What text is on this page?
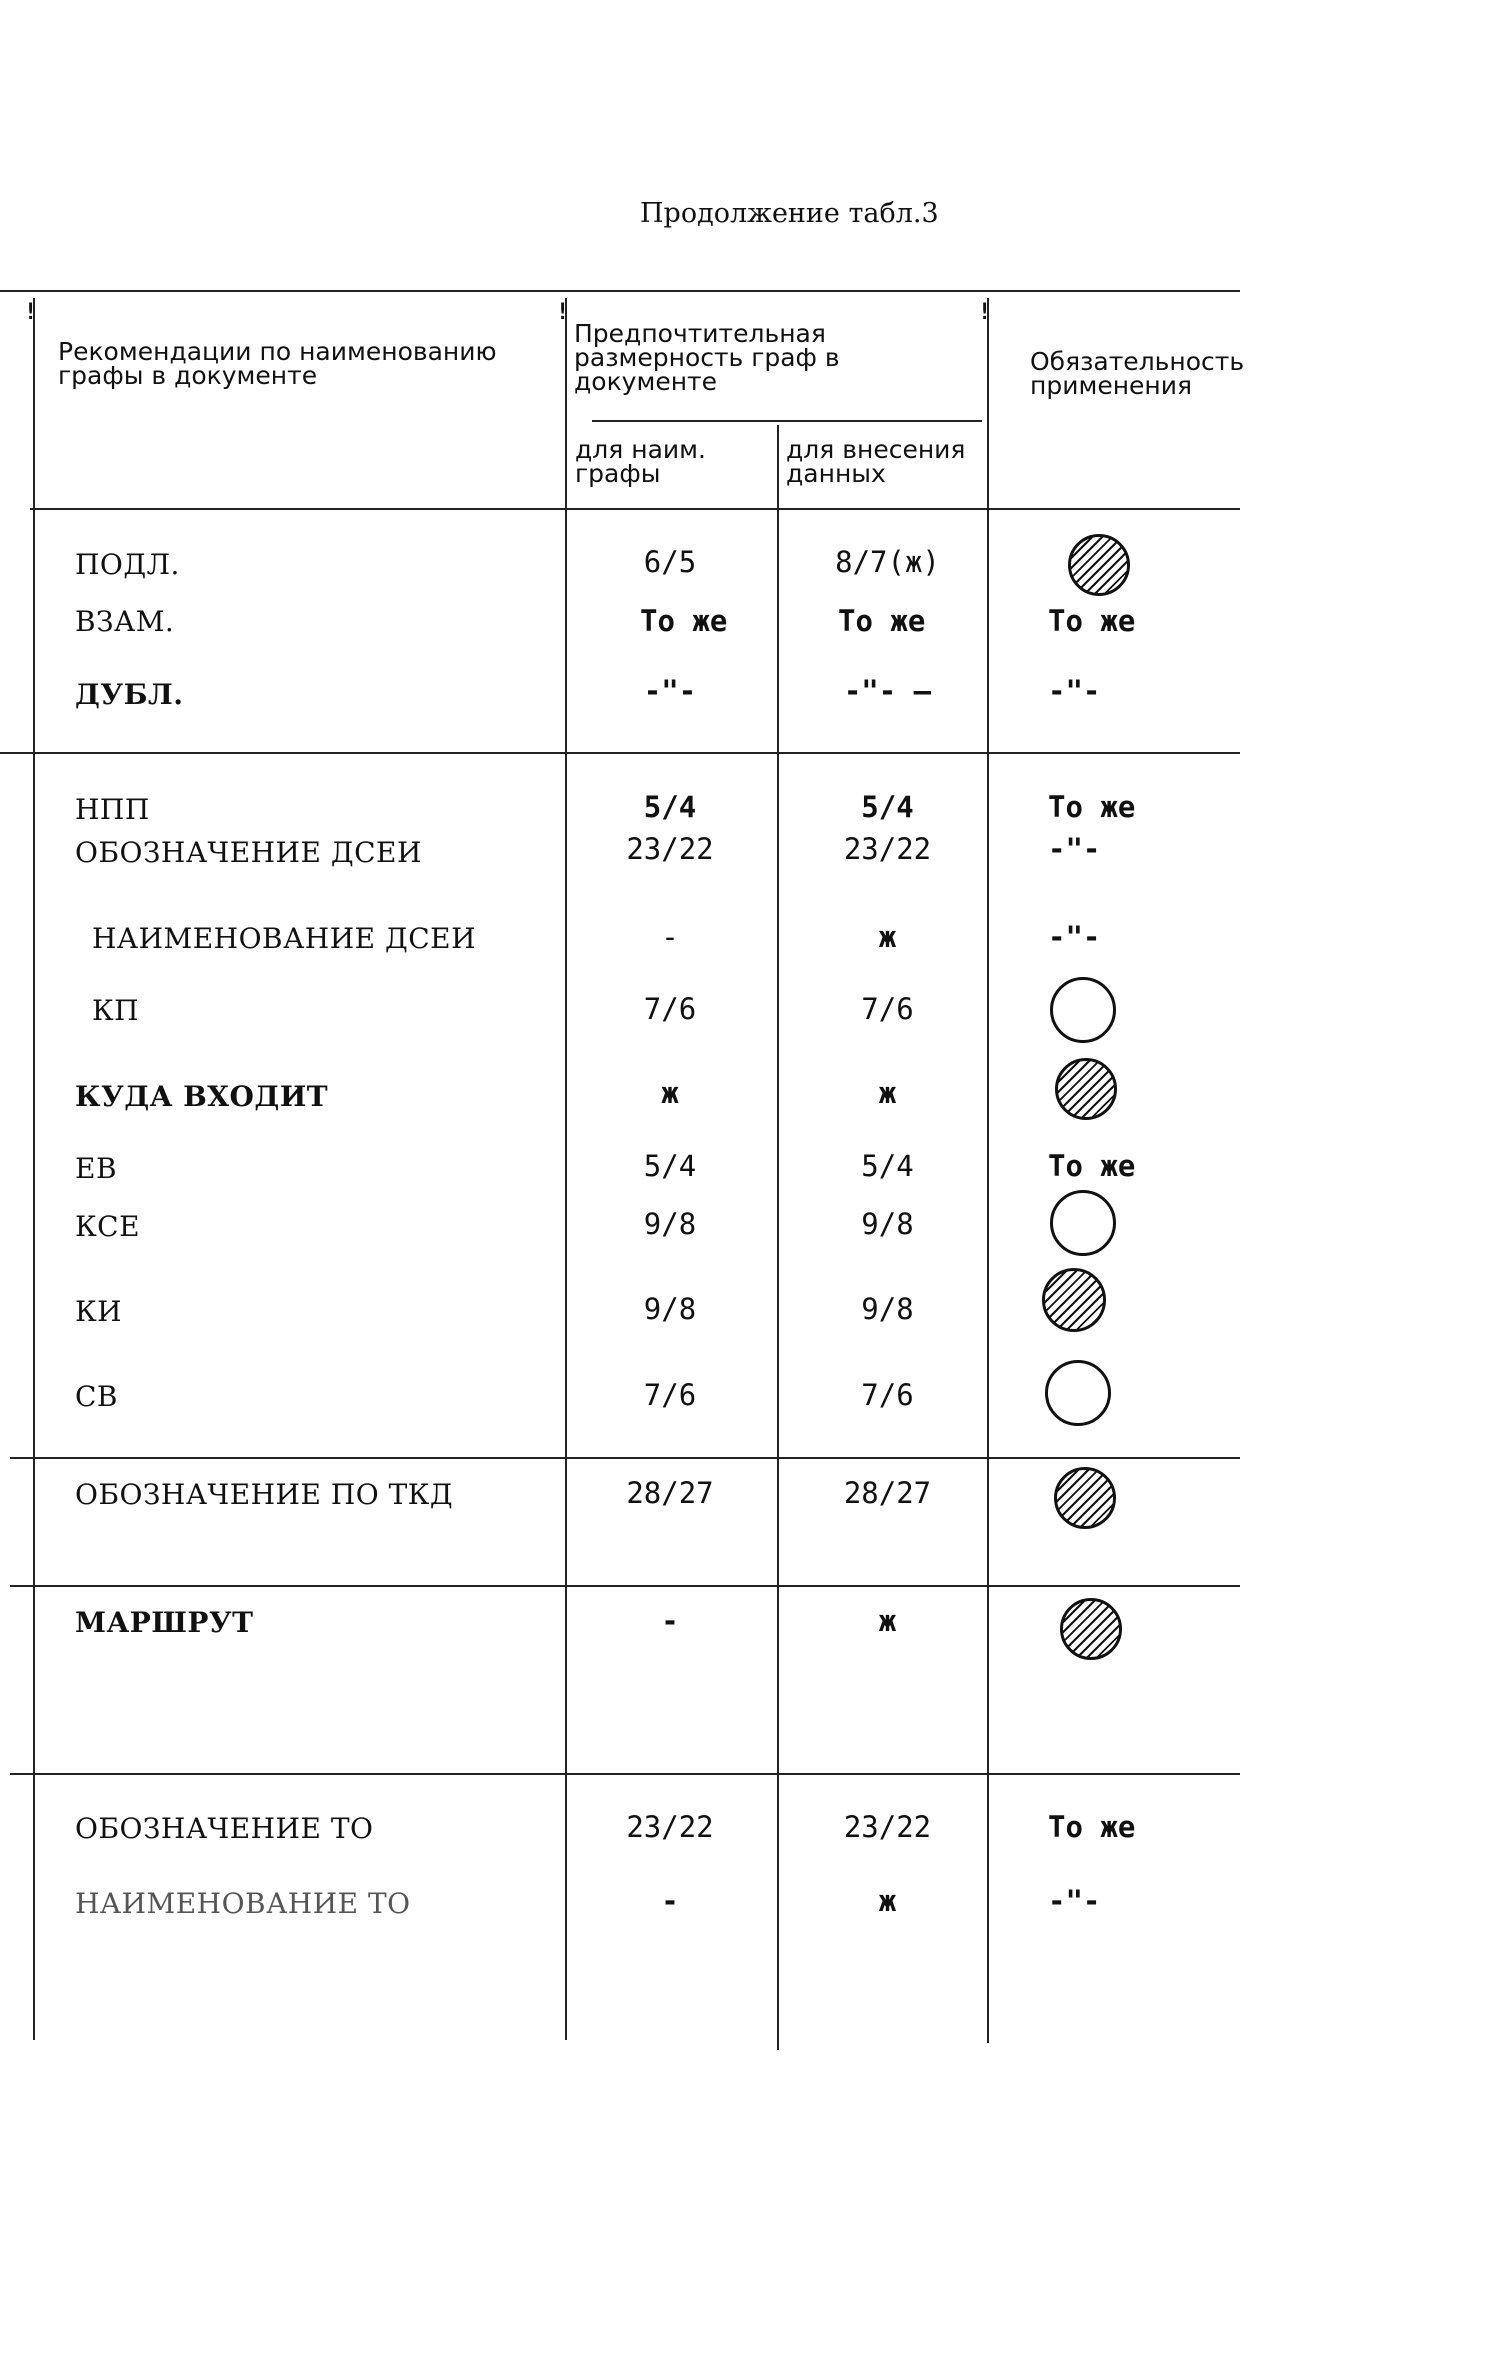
Продолжение табл.3
!	!	!
Рекомендации по наименованию графы в документе
Предпочтительная размерность граф в документе
для наим. графы
для внесения данных
Обязательность применения
ПОДЛ.	6/5	8/7(ж)
ВЗАМ.	То же	То же	То же
ДУБЛ.	-"-	-"- —	-"-
НПП	5/4	5/4	То же
ОБОЗНАЧЕНИЕ ДСЕИ	23/22	23/22	-"-
НАИМЕНОВАНИЕ ДСЕИ	-	ж	-"-
КП	7/6	7/6
КУДА ВХОДИТ	ж	ж
ЕВ	5/4	5/4	То же
КСЕ	9/8	9/8
КИ	9/8	9/8
СВ	7/6	7/6
ОБОЗНАЧЕНИЕ ПО ТКД	28/27	28/27
МАРШРУТ	-	ж
ОБОЗНАЧЕНИЕ ТО	23/22	23/22	То же
НАИМЕНОВАНИЕ ТО	-	ж	-"-
